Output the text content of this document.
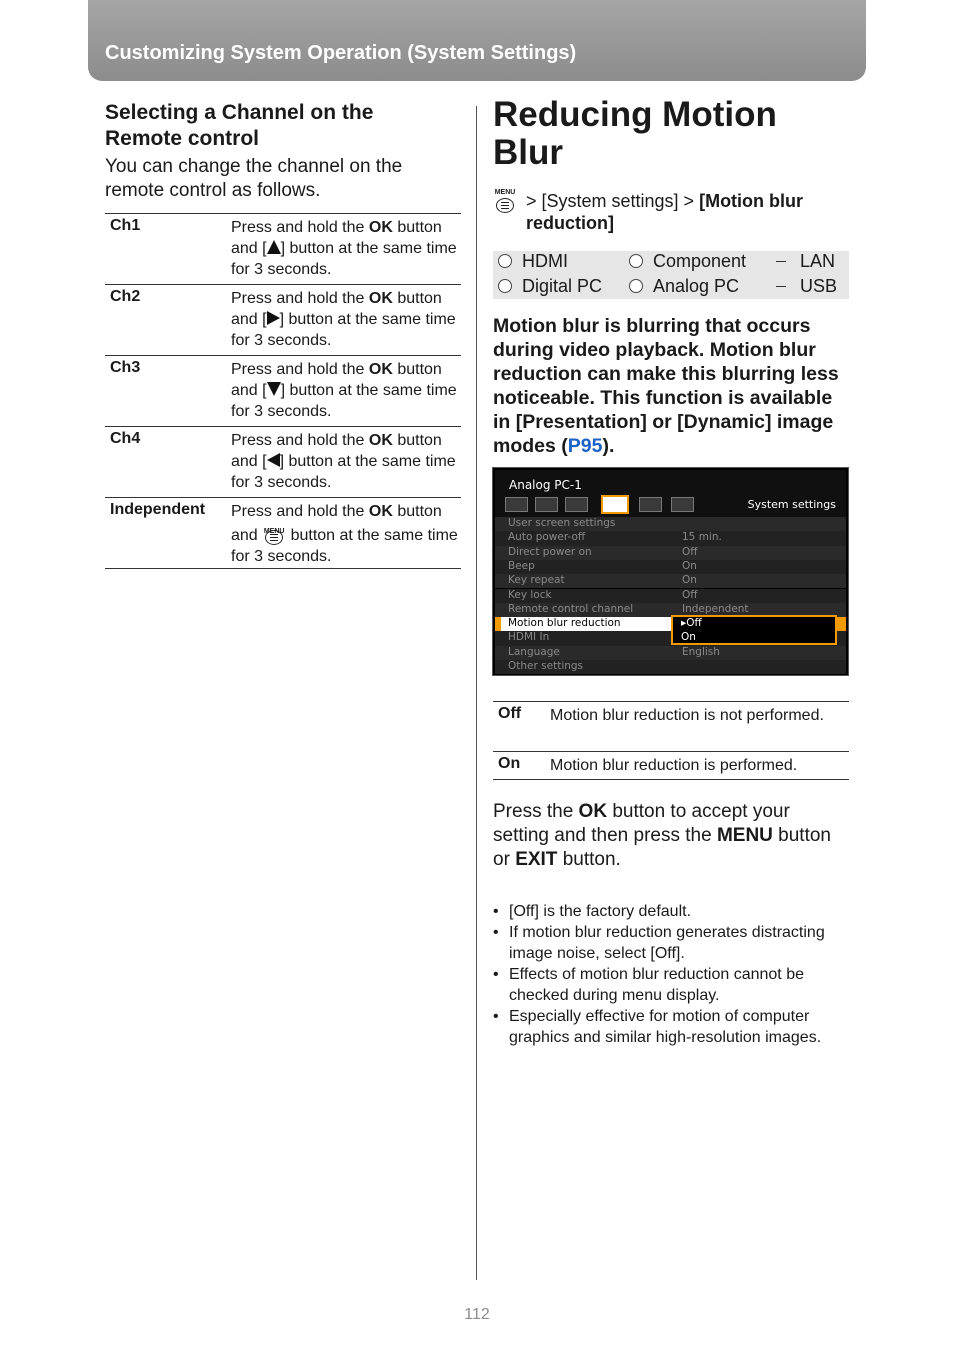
Customizing System Operation (System Settings)
Selecting a Channel on the Remote control
You can change the channel on the remote control as follows.
Ch1	Press and hold the OK button and [ ] button at the same time for 3 seconds.
Ch2	Press and hold the OK button and [ ] button at the same time for 3 seconds.
Ch3	Press and hold the OK button and [ ] button at the same time for 3 seconds.
Ch4	Press and hold the OK button and [ ] button at the same time for 3 seconds.
Independent Press and hold the OK button and MENU button at the same time for 3 seconds.
Reducing Motion Blur
MENU > [System settings] > [Motion blur reduction]
HDMI	Component	LAN
Digital PC	Analog PC	USB
Motion blur is blurring that occurs during video playback. Motion blur reduction can make this blurring less noticeable. This function is available in [Presentation] or [Dynamic] image modes (P95).
Analog PC-1
System settings
User screen settings
Auto power-off	15 min.
Direct power on	Off
Beep	On
Key repeat	On
Key lock	Off
Remote control channel	Independent
Motion blur reduction
HDMI In
Language	English
Other settings
▸Off
On
Off Motion blur reduction is not performed.
On Motion blur reduction is performed.
Press the OK button to accept your setting and then press the MENU button or EXIT button.
• [Off] is the factory default.
• If motion blur reduction generates distracting image noise, select [Off].
• Effects of motion blur reduction cannot be checked during menu display.
• Especially effective for motion of computer graphics and similar high-resolution images.
112
